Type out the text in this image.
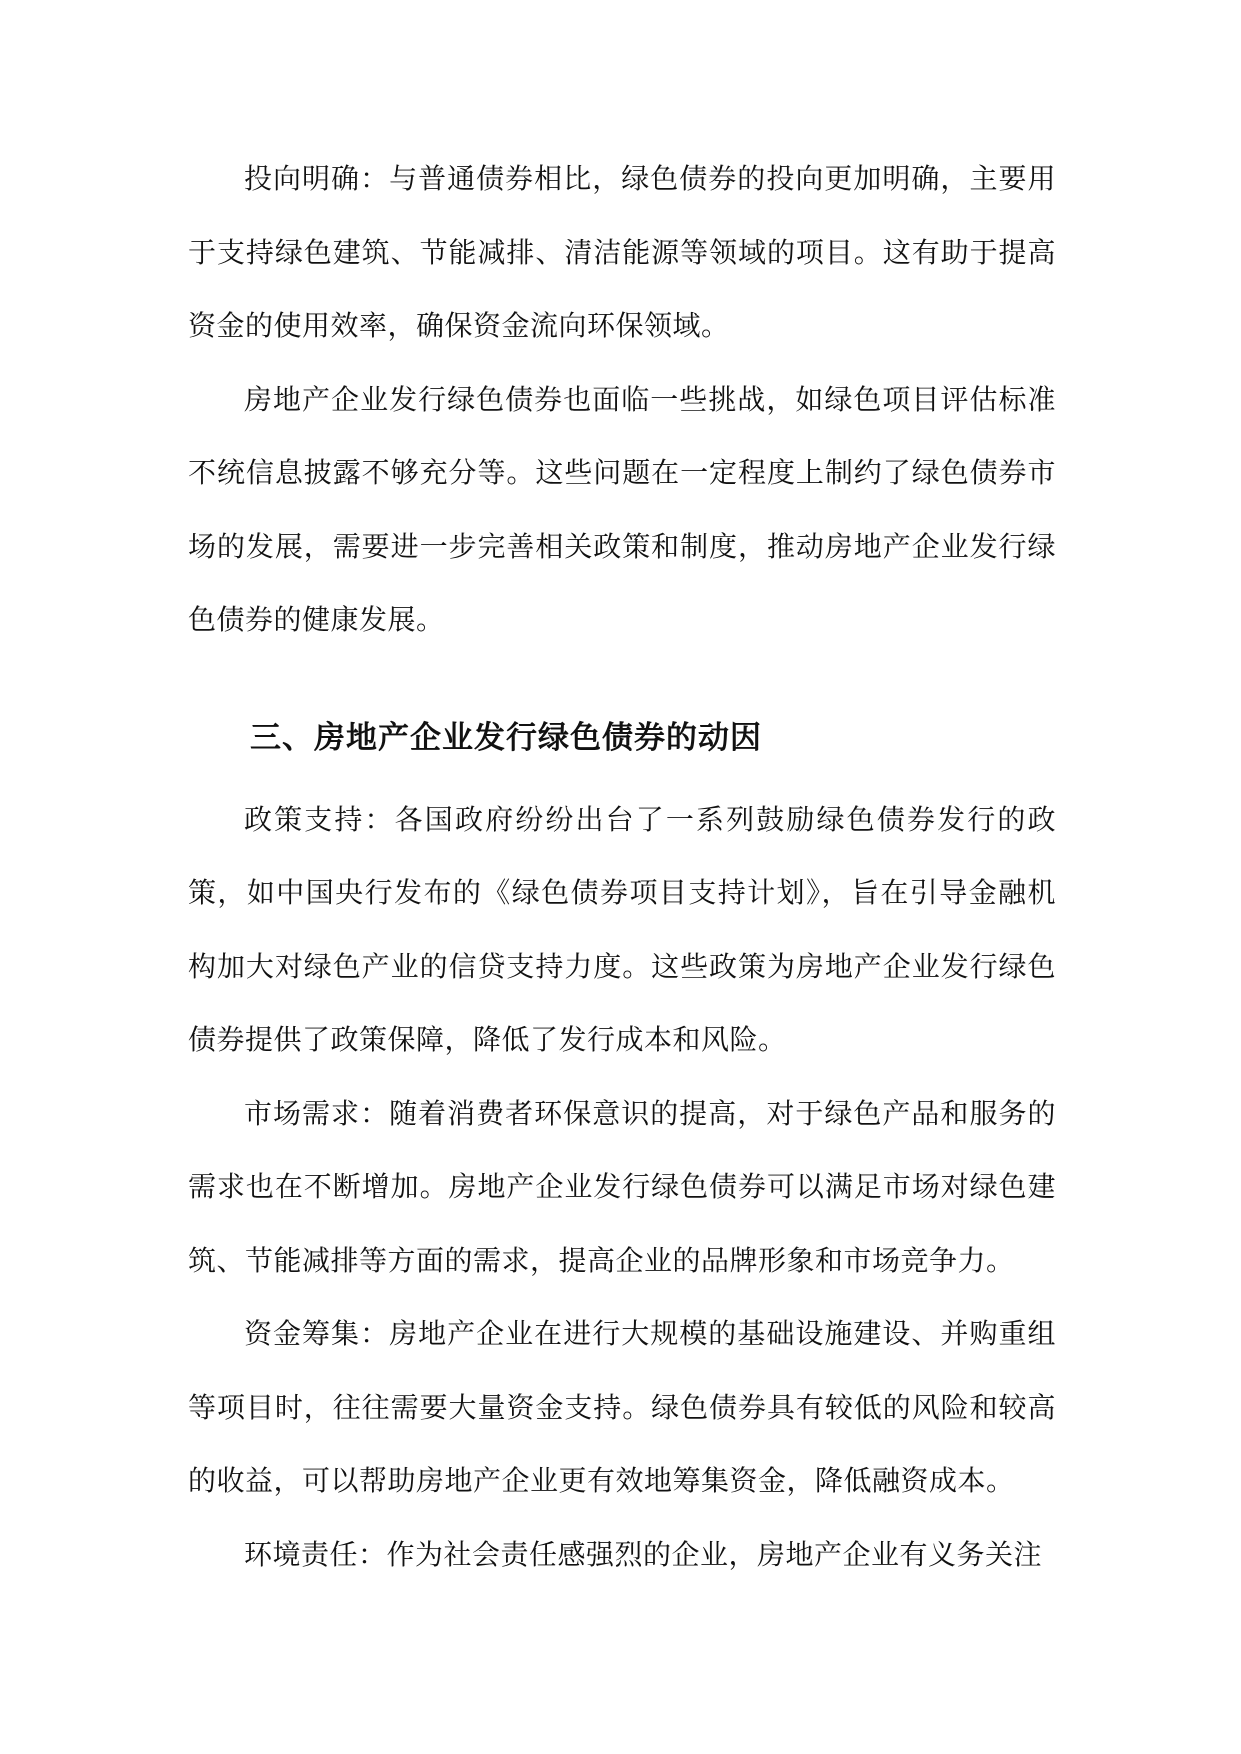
投向明确：与普通债券相比，绿色债券的投向更加明确，主要用于支持绿色建筑、节能减排、清洁能源等领域的项目。这有助于提高资金的使用效率，确保资金流向环保领域。

房地产企业发行绿色债券也面临一些挑战，如绿色项目评估标准不统信息披露不够充分等。这些问题在一定程度上制约了绿色债券市场的发展，需要进一步完善相关政策和制度，推动房地产企业发行绿色债券的健康发展。

三、房地产企业发行绿色债券的动因

政策支持：各国政府纷纷出台了一系列鼓励绿色债券发行的政策，如中国央行发布的《绿色债券项目支持计划》，旨在引导金融机构加大对绿色产业的信贷支持力度。这些政策为房地产企业发行绿色债券提供了政策保障，降低了发行成本和风险。

市场需求：随着消费者环保意识的提高，对于绿色产品和服务的需求也在不断增加。房地产企业发行绿色债券可以满足市场对绿色建筑、节能减排等方面的需求，提高企业的品牌形象和市场竞争力。

资金筹集：房地产企业在进行大规模的基础设施建设、并购重组等项目时，往往需要大量资金支持。绿色债券具有较低的风险和较高的收益，可以帮助房地产企业更有效地筹集资金，降低融资成本。

环境责任：作为社会责任感强烈的企业，房地产企业有义务关注
